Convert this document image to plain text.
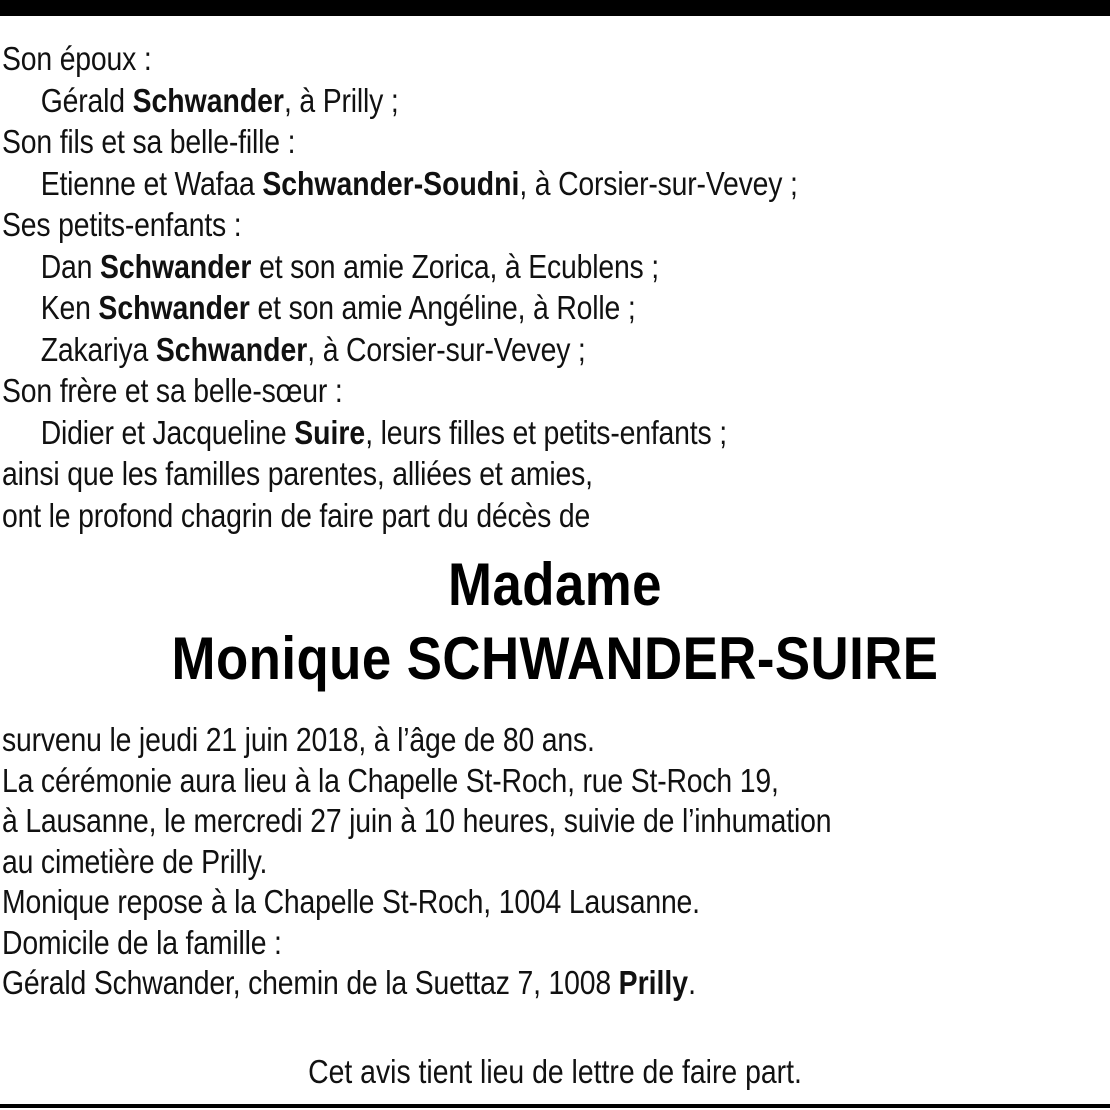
Son époux :
Gérald Schwander, à Prilly ;
Son fils et sa belle-fille :
Etienne et Wafaa Schwander-Soudni, à Corsier-sur-Vevey ;
Ses petits-enfants :
Dan Schwander et son amie Zorica, à Ecublens ;
Ken Schwander et son amie Angéline, à Rolle ;
Zakariya Schwander, à Corsier-sur-Vevey ;
Son frère et sa belle-sœur :
Didier et Jacqueline Suire, leurs filles et petits-enfants ;
ainsi que les familles parentes, alliées et amies,
ont le profond chagrin de faire part du décès de
Madame
Monique SCHWANDER-SUIRE
survenu le jeudi 21 juin 2018, à l’âge de 80 ans.
La cérémonie aura lieu à la Chapelle St-Roch, rue St-Roch 19,
à Lausanne, le mercredi 27 juin à 10 heures, suivie de l’inhumation
au cimetière de Prilly.
Monique repose à la Chapelle St-Roch, 1004 Lausanne.
Domicile de la famille :
Gérald Schwander, chemin de la Suettaz 7, 1008 Prilly.
Cet avis tient lieu de lettre de faire part.
